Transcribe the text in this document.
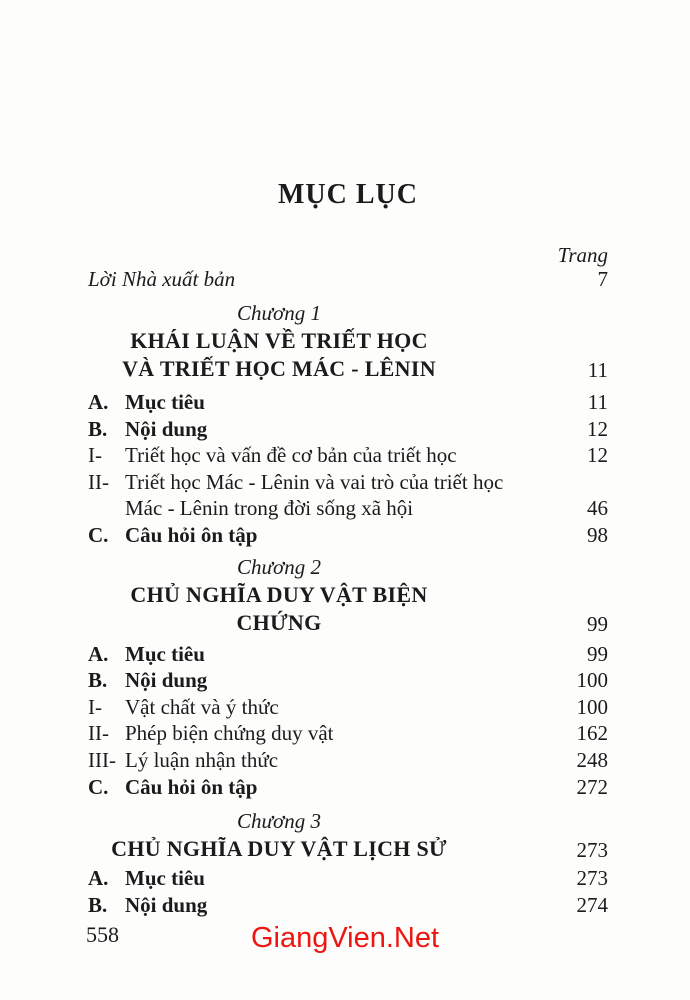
MỤC LỤC
Trang
Lời Nhà xuất bản	7
Chương 1
KHÁI LUẬN VỀ TRIẾT HỌC
VÀ TRIẾT HỌC MÁC - LÊNIN	11
A. Mục tiêu	11
B. Nội dung	12
I-	Triết học và vấn đề cơ bản của triết học	12
II- Triết học Mác - Lênin và vai trò của triết học
Mác - Lênin trong đời sống xã hội	46
C. Câu hỏi ôn tập	98
Chương 2
CHỦ NGHĨA DUY VẬT BIỆN CHỨNG	99
A. Mục tiêu	99
B. Nội dung	100
I-	Vật chất và ý thức	100
II- Phép biện chứng duy vật	162
III- Lý luận nhận thức	248
C. Câu hỏi ôn tập	272
Chương 3
CHỦ NGHĨA DUY VẬT LỊCH SỬ	273
A. Mục tiêu	273
B. Nội dung	274
558	GiangVien.Net
